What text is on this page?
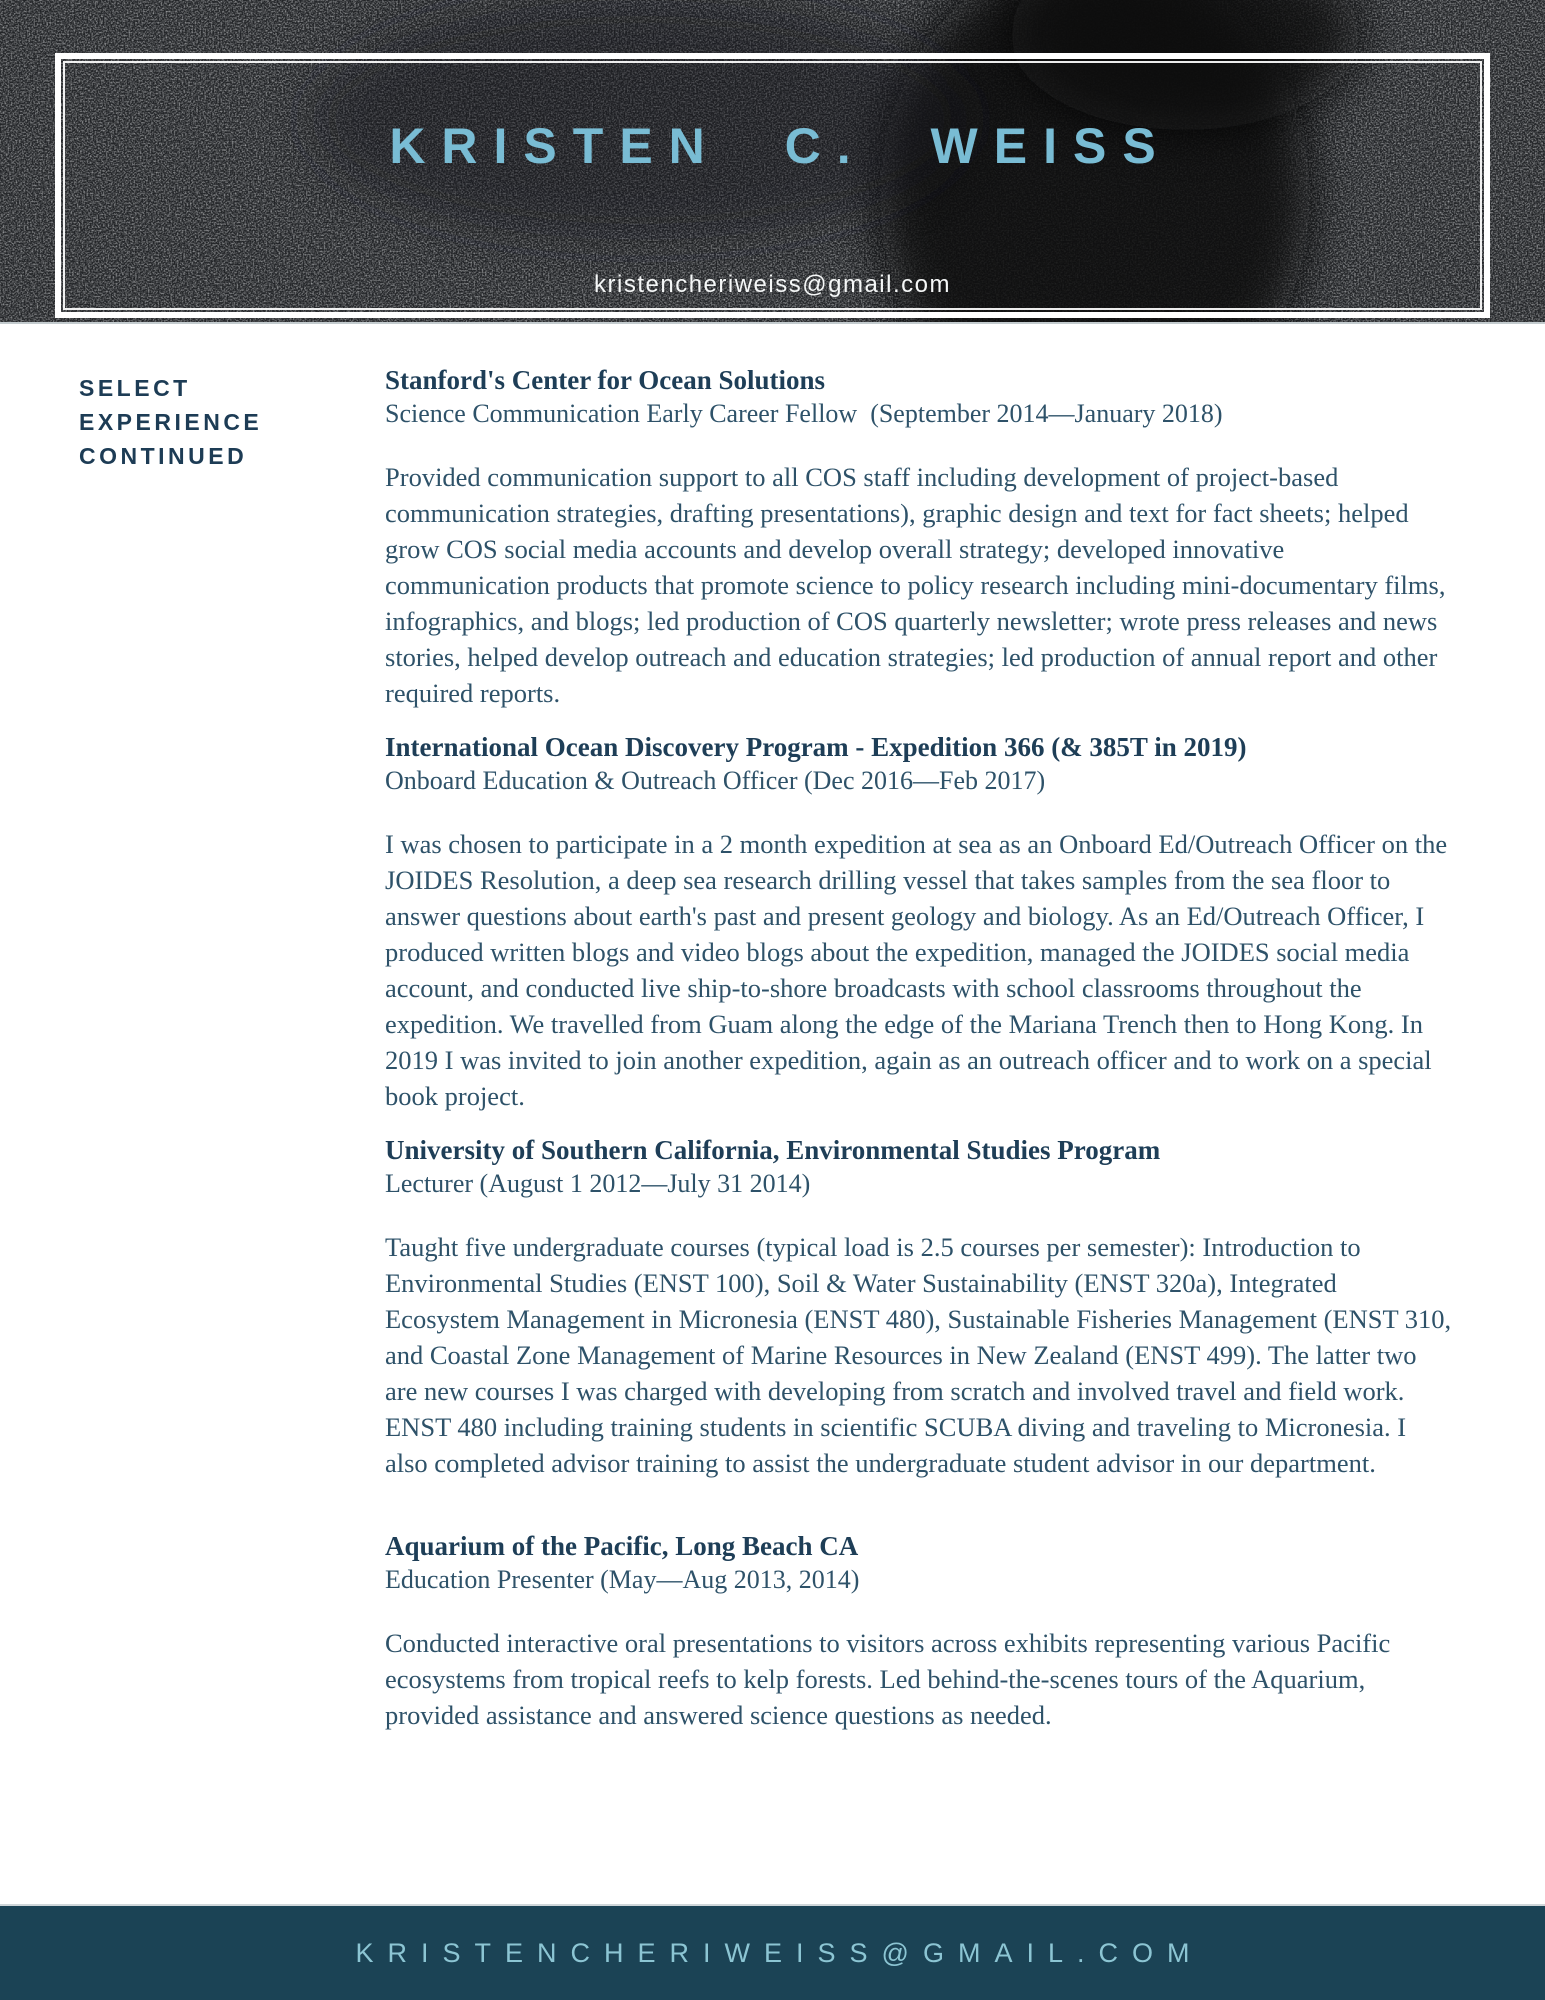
KRISTEN C. WEISS
kristencheriweiss@gmail.com
SELECT EXPERIENCE CONTINUED
Stanford's Center for Ocean Solutions
Science Communication Early Career Fellow  (September 2014—January 2018)

Provided communication support to all COS staff including development of project-based communication strategies, drafting presentations), graphic design and text for fact sheets; helped grow COS social media accounts and develop overall strategy; developed innovative communication products that promote science to policy research including mini-documentary films, infographics, and blogs; led production of COS quarterly newsletter; wrote press releases and news stories, helped develop outreach and education strategies; led production of annual report and other required reports.

International Ocean Discovery Program - Expedition 366 (& 385T in 2019)
Onboard Education & Outreach Officer (Dec 2016—Feb 2017)

I was chosen to participate in a 2 month expedition at sea as an Onboard Ed/Outreach Officer on the JOIDES Resolution, a deep sea research drilling vessel that takes samples from the sea floor to answer questions about earth's past and present geology and biology. As an Ed/Outreach Officer, I produced written blogs and video blogs about the expedition, managed the JOIDES social media account, and conducted live ship-to-shore broadcasts with school classrooms throughout the expedition. We travelled from Guam along the edge of the Mariana Trench then to Hong Kong. In 2019 I was invited to join another expedition, again as an outreach officer and to work on a special book project.

University of Southern California, Environmental Studies Program
Lecturer (August 1 2012—July 31 2014)

Taught five undergraduate courses (typical load is 2.5 courses per semester): Introduction to Environmental Studies (ENST 100), Soil & Water Sustainability (ENST 320a), Integrated Ecosystem Management in Micronesia (ENST 480), Sustainable Fisheries Management (ENST 310, and Coastal Zone Management of Marine Resources in New Zealand (ENST 499). The latter two are new courses I was charged with developing from scratch and involved travel and field work. ENST 480 including training students in scientific SCUBA diving and traveling to Micronesia. I also completed advisor training to assist the undergraduate student advisor in our department.

Aquarium of the Pacific, Long Beach CA
Education Presenter (May—Aug 2013, 2014)

Conducted interactive oral presentations to visitors across exhibits representing various Pacific ecosystems from tropical reefs to kelp forests. Led behind-the-scenes tours of the Aquarium, provided assistance and answered science questions as needed.

KRISTENCHERIWEISS@GMAIL.COM
